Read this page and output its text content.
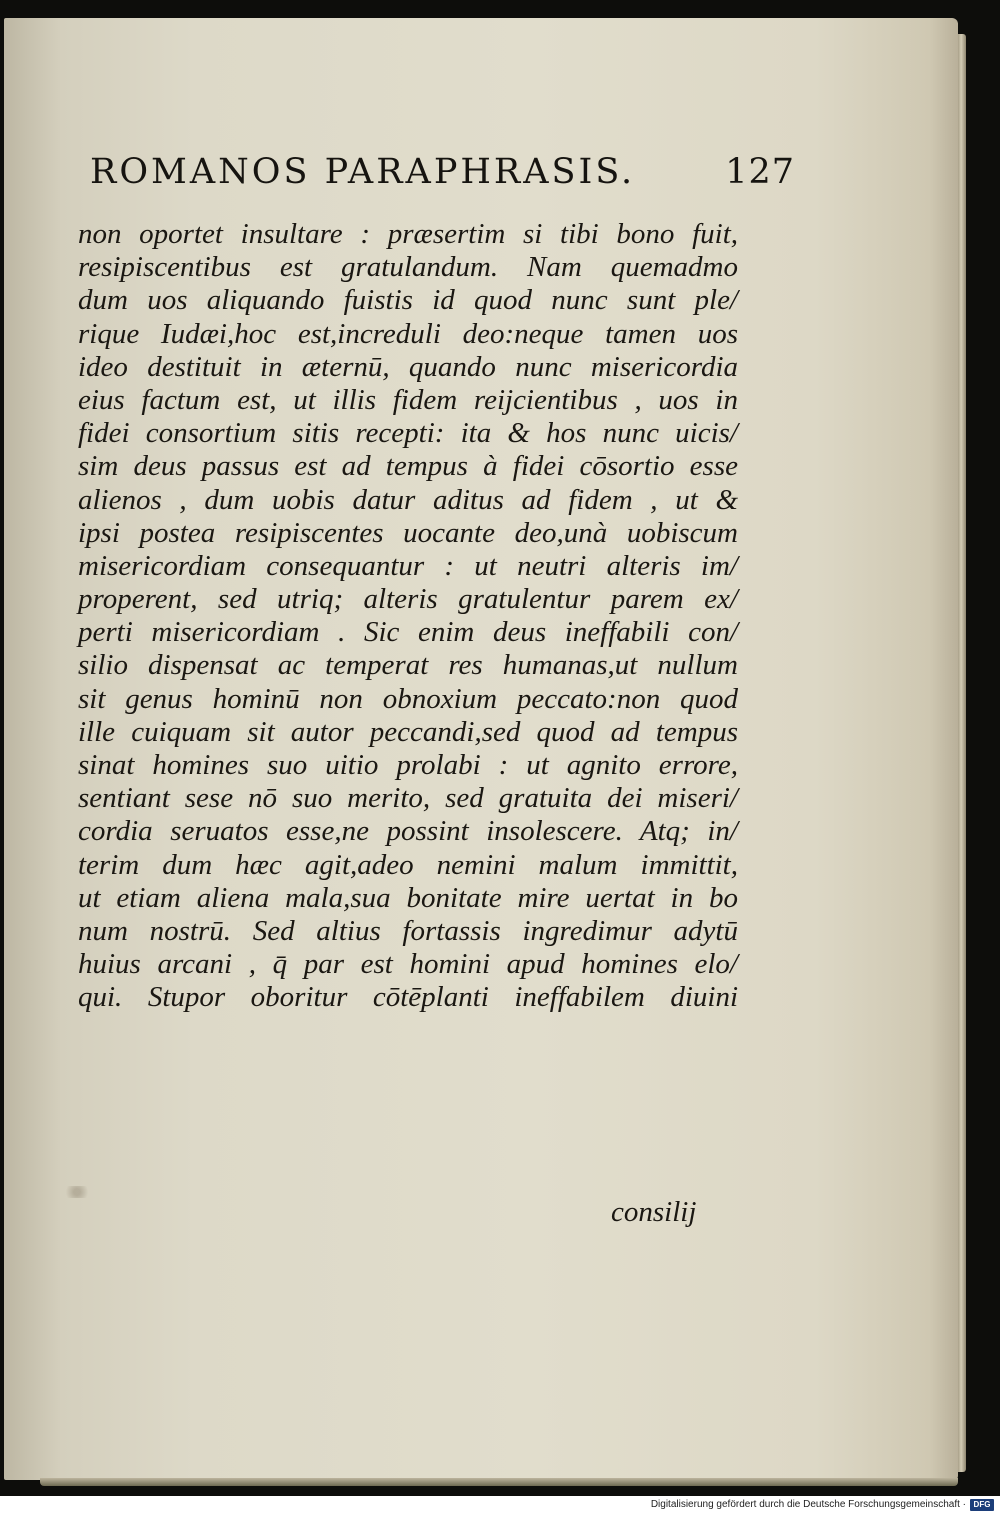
ROMANOS PARAPHRASIS.	127
non oportet insultare : præsertim si tibi bono fuit,
resipiscentibus est gratulandum. Nam quemadmo
dum uos aliquando fuistis id quod nunc sunt ple/
rique Iudæi,hoc est,increduli deo:neque tamen uos
ideo destituit in æternū, quando nunc misericordia
eius factum est, ut illis fidem reijcientibus , uos in
fidei consortium sitis recepti: ita & hos nunc uicis/
sim deus passus est ad tempus à fidei cōsortio esse
alienos , dum uobis datur aditus ad fidem , ut &
ipsi postea resipiscentes uocante deo,unà uobiscum
misericordiam consequantur : ut neutri alteris im/
properent, sed utriq; alteris gratulentur parem ex/
perti misericordiam . Sic enim deus ineffabili con/
silio dispensat ac temperat res humanas,ut nullum
sit genus hominū non obnoxium peccato:non quod
ille cuiquam sit autor peccandi,sed quod ad tempus
sinat homines suo uitio prolabi : ut agnito errore,
sentiant sese nō suo merito, sed gratuita dei miseri/
cordia seruatos esse,ne possint insolescere. Atq; in/
terim dum hæc agit,adeo nemini malum immittit,
ut etiam aliena mala,sua bonitate mire uertat in bo
num nostrū. Sed altius fortassis ingredimur adytū
huius arcani , q̄ par est homini apud homines elo/
qui. Stupor oboritur cōtēplanti ineffabilem diuini
consilij
Digitalisierung gefördert durch die Deutsche Forschungsgemeinschaft · DFG
